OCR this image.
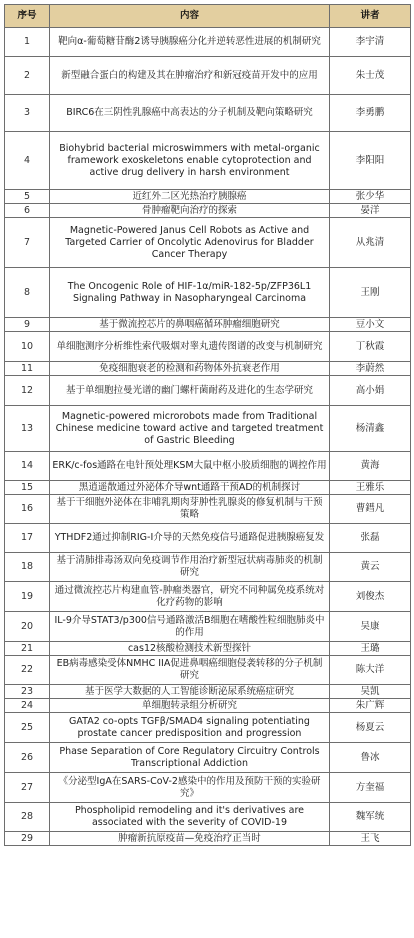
序号	内容	讲者
1	靶向α-葡萄糖苷酶2诱导胰腺癌分化并逆转恶性进展的机制研究	李宇清
2	新型融合蛋白的构建及其在肿瘤治疗和新冠疫苗开发中的应用	朱士茂
3	BIRC6在三阴性乳腺癌中高表达的分子机制及靶向策略研究	李勇鹏
4	Biohybrid bacterial microswimmers with metal-organic framework exoskeletons enable cytoprotection and active drug delivery in harsh environment	李阳阳
5	近红外二区光热治疗胰腺癌	张少华
6	骨肿瘤靶向治疗的探索	晏洋
7	Magnetic-Powered Janus Cell Robots as Active and Targeted Carrier of Oncolytic Adenovirus for Bladder Cancer Therapy	从兆清
8	The Oncogenic Role of HIF-1α/miR-182-5p/ZFP36L1 Signaling Pathway in Nasopharyngeal Carcinoma	王刚
9	基于微流控芯片的鼻咽癌循环肿瘤细胞研究	豆小文
10	单细胞测序分析维性索代吸烟对睾丸遗传图谱的改变与机制研究	丁秋霞
11	免疫细胞衰老的检测和药物体外抗衰老作用	李蔚然
12	基于单细胞拉曼光谱的幽门螺杆菌耐药及进化的生态学研究	高小娟
13	Magnetic-powered microrobots made from Traditional Chinese medicine toward active and targeted treatment of Gastric Bleeding	杨清鑫
14	ERK/c-fos通路在电针预处理KSM大鼠中枢小胶质细胞的调控作用	黄海
15	黑逍遥散通过外泌体介导wnt通路干预AD的机制探讨	王雅乐
16	基于干细胞外泌体在非哺乳期肉芽肿性乳腺炎的修复机制与干预策略	曹鏏凡
17	YTHDF2通过抑制RIG-I介导的天然免疫信号通路促进胰腺癌复发	张磊
18	基于清肺排毒汤双向免疫调节作用治疗新型冠状病毒肺炎的机制研究	黄云
19	通过微流控芯片构建血管-肿瘤类器官，研究不同种属免疫系统对化疗药物的影响	刘俊杰
20	IL-9介导STAT3/p300信号通路激活B细胞在嗜酸性粒细胞肺炎中的作用	吴康
21	cas12核酸检测技术新型探针	王璐
22	EB病毒感染受体NMHC IIA促进鼻咽癌细胞侵袭转移的分子机制研究	陈大洋
23	基于医学大数据的人工智能诊断泌尿系统癌症研究	吴凯
24	单细胞转录组分析研究	朱广辉
25	GATA2 co-opts TGFβ/SMAD4 signaling potentiating prostate cancer predisposition and progression	杨夏云
26	Phase Separation of Core Regulatory Circuitry Controls Transcriptional Addiction	鲁冰
27	《分泌型IgA在SARS-CoV-2感染中的作用及预防干预的实验研究》	方奎福
28	Phospholipid remodeling and it's derivatives are associated with the severity of COVID-19	魏军统
29	肿瘤新抗原疫苗—免疫治疗正当时	王飞
